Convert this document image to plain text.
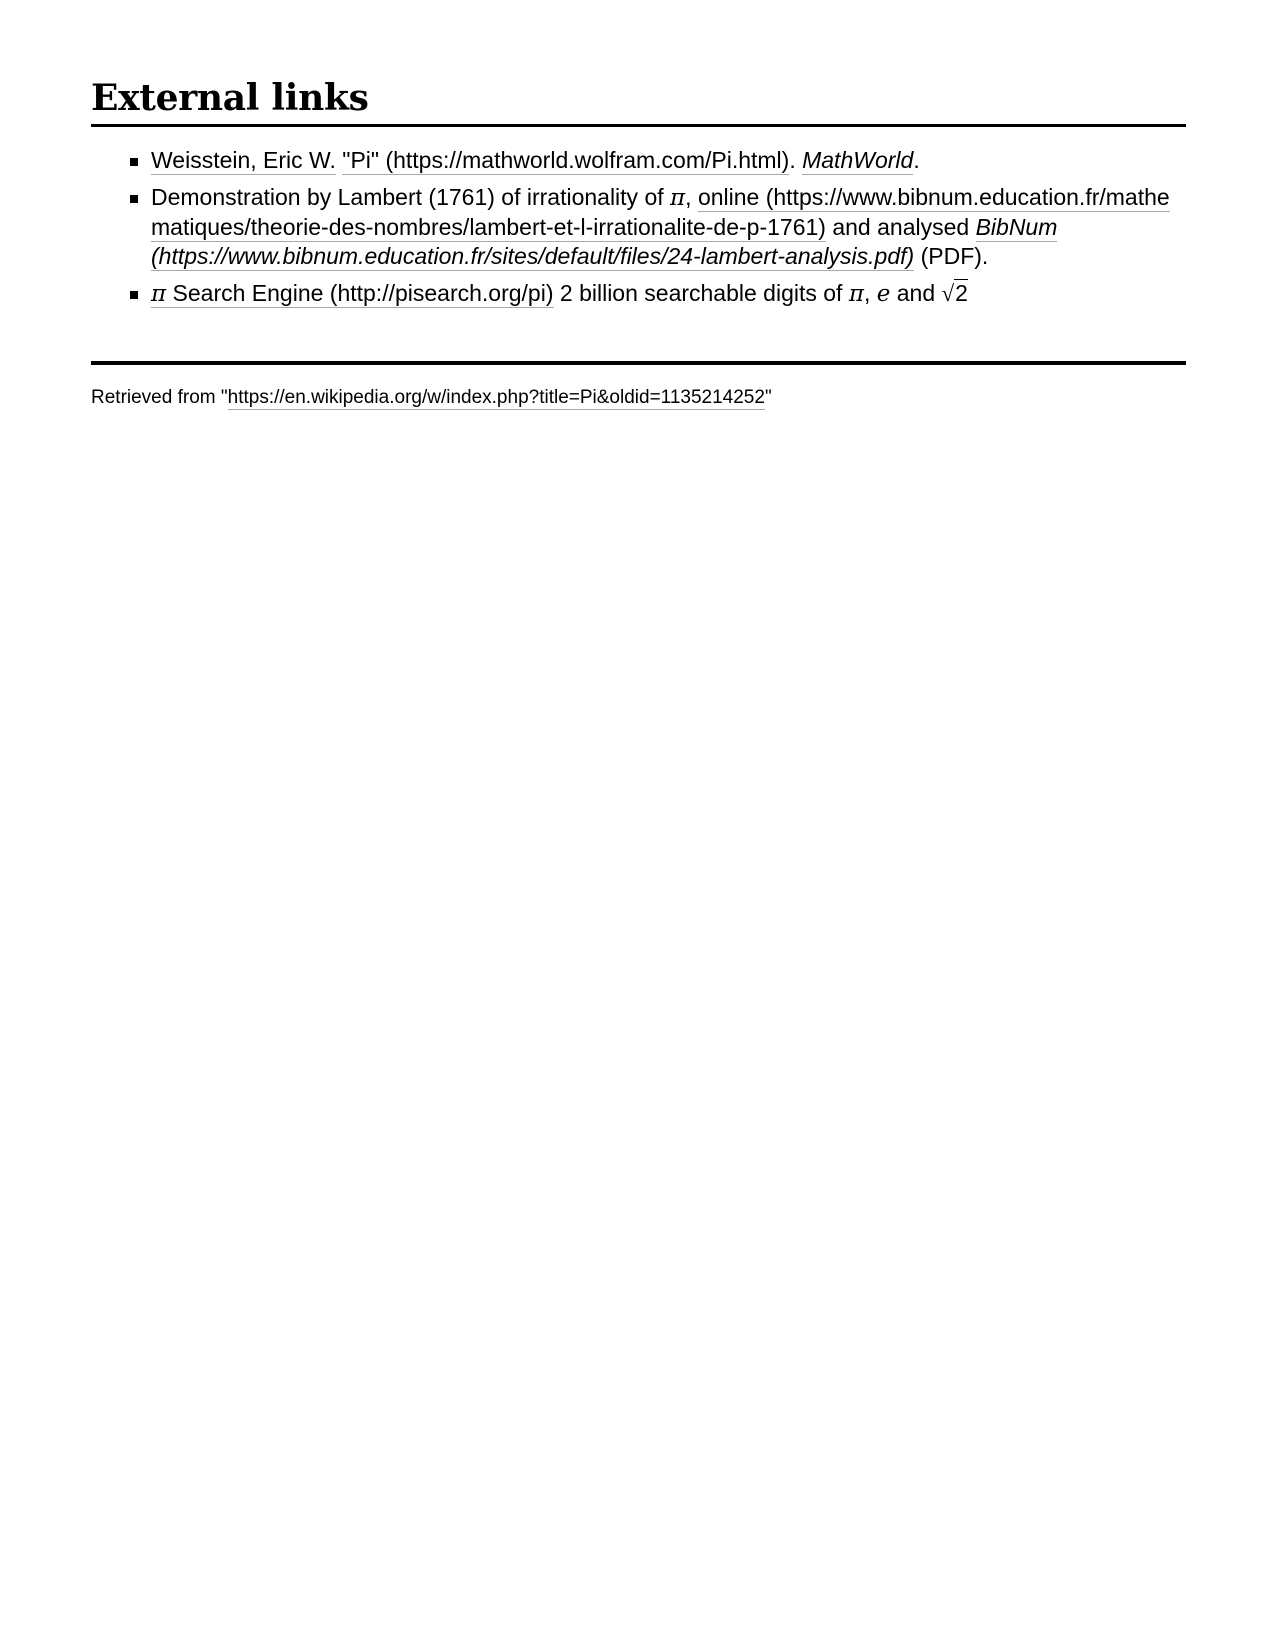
External links
Weisstein, Eric W. "Pi" (https://mathworld.wolfram.com/Pi.html). MathWorld.
Demonstration by Lambert (1761) of irrationality of π, online (https://www.bibnum.education.fr/mathematiques/theorie-des-nombres/lambert-et-l-irrationalite-de-p-1761) and analysed BibNum (https://www.bibnum.education.fr/sites/default/files/24-lambert-analysis.pdf) (PDF).
π Search Engine (http://pisearch.org/pi) 2 billion searchable digits of π, e and √2
Retrieved from "https://en.wikipedia.org/w/index.php?title=Pi&oldid=1135214252"
